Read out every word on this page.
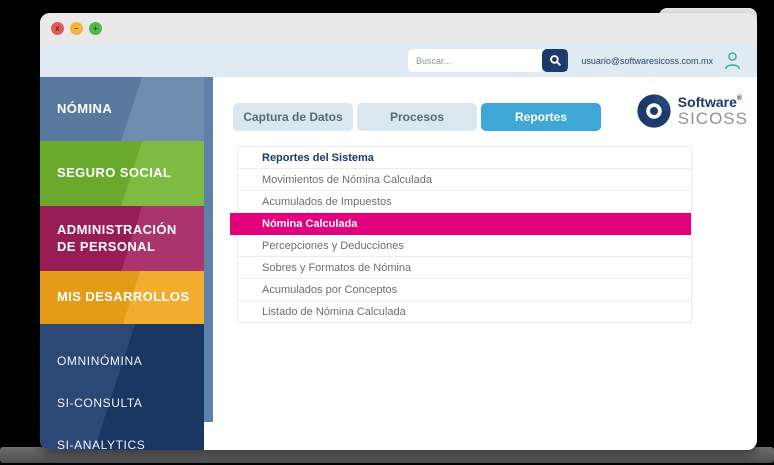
x	–	+
Buscar...
usuario@softwaresicoss.com.mx
NÓMINA
SEGURO SOCIAL
ADMINISTRACIÓN
DE PERSONAL
MIS DESARROLLOS
OMNINÓMINA
SI-CONSULTA
SI-ANALYTICS
Captura de Datos	Procesos	Reportes
Software®
SICOSS
Reportes del Sistema
Movimientos de Nómina Calculada
Acumulados de Impuestos
Nómina Calculada
Percepciones y Deducciones
Sobres y Formatos de Nómina
Acumulados por Conceptos
Listado de Nómina Calculada
